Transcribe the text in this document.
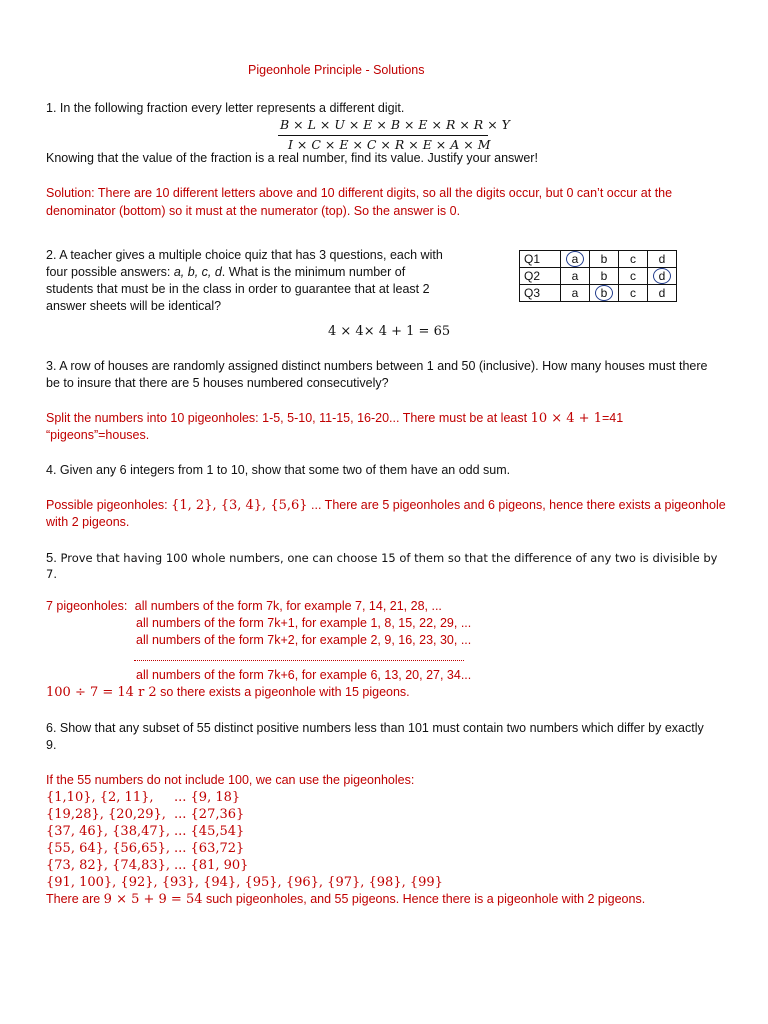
Pigeonhole Principle - Solutions
1. In the following fraction every letter represents a different digit.
B × L × U × E × B × E × R × R × Y
I × C × E × C × R × E × A × M
Knowing that the value of the fraction is a real number, find its value. Justify your answer!
Solution: There are 10 different letters above and 10 different digits, so all the digits occur, but 0 can’t occur at the
denominator (bottom) so it must at the numerator (top). So the answer is 0.
2. A teacher gives a multiple choice quiz that has 3 questions, each with
four possible answers: a, b, c, d. What is the minimum number of
students that must be in the class in order to guarantee that at least 2
answer sheets will be identical?
4 × 4× 4 + 1 = 65
Q1	a	b	c	d
Q2	a	b	c	d

Q3	a	b	c	d
3. A row of houses are randomly assigned distinct numbers between 1 and 50 (inclusive). How many houses must there
be to insure that there are 5 houses numbered consecutively?
Split the numbers into 10 pigeonholes: 1-5, 5-10, 11-15, 16-20... There must be at least 10 × 4 + 1=41
“pigeons”=houses.
4. Given any 6 integers from 1 to 10, show that some two of them have an odd sum.
Possible pigeonholes: {1, 2}, {3, 4}, {5,6} ... There are 5 pigeonholes and 6 pigeons, hence there exists a pigeonhole
with 2 pigeons.
5. Prove that having 100 whole numbers, one can choose 15 of them so that the difference of any two is divisible by
7.
7 pigeonholes: all numbers of the form 7k, for example 7, 14, 21, 28, ...
all numbers of the form 7k+1, for example 1, 8, 15, 22, 29, ...
all numbers of the form 7k+2, for example 2, 9, 16, 23, 30, ...
all numbers of the form 7k+6, for example 6, 13, 20, 27, 34...
100 ÷ 7 = 14 r 2 so there exists a pigeonhole with 15 pigeons.
6. Show that any subset of 55 distinct positive numbers less than 101 must contain two numbers which differ by exactly
9.
If the 55 numbers do not include 100, we can use the pigeonholes:
{1,10}, {2, 11}, ... {9, 18}
{19,28}, {20,29}, ... {27,36}
{37, 46}, {38,47}, ... {45,54}
{55, 64}, {56,65}, ... {63,72}
{73, 82}, {74,83}, ... {81, 90}
{91, 100}, {92}, {93}, {94}, {95}, {96}, {97}, {98}, {99}
There are 9 × 5 + 9 = 54 such pigeonholes, and 55 pigeons. Hence there is a pigeonhole with 2 pigeons.
